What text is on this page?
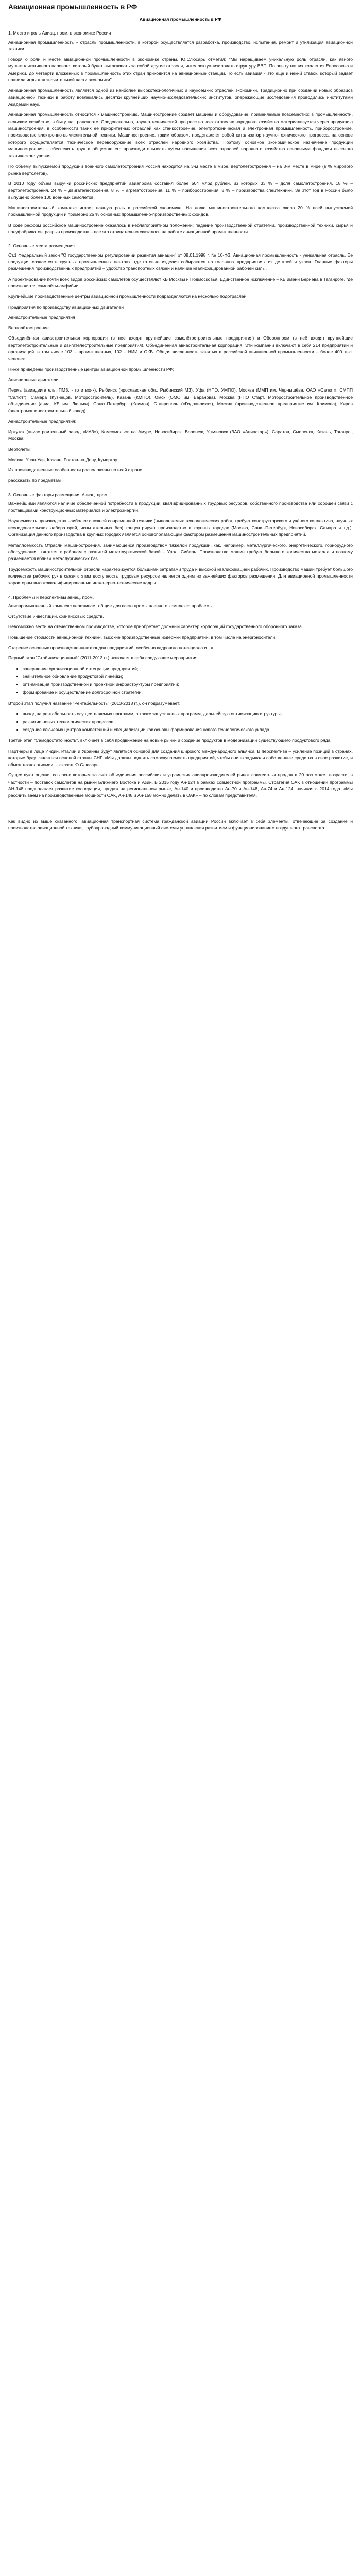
Авиационная промышленность в РФ
Авиационная промышленность в РФ

1. Место и роль Авиац. пром. в экономике России

Авиационная промышленность – отрасль промышленности, в которой осуществляется разработка, производство, испытания, ремонт и утилизация авиационной техники.

Говоря о роли и месте авиационной промышленности в экономике страны, Ю.Слюсарь отметил: "Мы наращиваем уникальную роль отрасли, как явного мультипликативного парового, который будет вытаскивать за собой другие отрасли, интеллектуализировать структуру ВВП. По опыту наших коллег из Евросоюза и Америки, до четверти вложенных в промышленность этих стран приходится на авиационные станции. То есть авиация - это еще и некий ставок, который задает правила игры для значительной части экономики".

Авиационная промышленность является одной из наиболее высокотехнологичных и наукоемких отраслей экономики. Традиционно при создании новых образцов авиационной техники в работу вовлекались десятки крупнейших научно-исследовательских институтов, опережающие исследования проводились институтами Академии наук.

Авиационная промышленность относится к машиностроению. Машиностроение создает машины и оборудование, применяемые повсеместно: в промышленности, сельском хозяйстве, в быту, на транспорте. Следовательно, научно-технический прогресс во всех отраслях народного хозяйства материализуется через продукцию машиностроения, в особенности таких ее приоритетных отраслей как станкостроение, электротехническая и электронная промышленность, приборостроение, производство электронно-вычислительной техники. Машиностроение, таким образом, представляет собой катализатор научно-технического прогресса, на основе которого осуществляется техническое перевооружение всех отраслей народного хозяйства. Поэтому основное экономическое назначение продукции машиностроения – обеспечить труд в обществе его производительность путем насыщения всех отраслей народного хозяйства основными фондами высокого технического уровня.

По объему выпускаемой продукции военного самолётостроения Россия находится на 3-м месте в мире, вертолётостроения – на 3-м месте в мире (в % мирового рынка вертолётов).

В 2010 году объём выручки российских предприятий авиапрома составил более 504 млрд рублей, из которых 33 % – доля самолётостроения, 18 % – вертолётостроения, 24 % – двигателестроения, 8 % – агрегатостроения, 11 % – приборостроения, 8 % – производства спецтехники. За этот год в России было выпущено более 100 военных самолётов.

Машиностроительный комплекс играет важную роль в российской экономике. На долю машиностроительного комплекса около 20 % всей выпускаемой промышленной продукции и примерно 25 % основных промышленно-производственных фондов.

В ходе реформ российское машиностроение оказалось в неблагоприятном положении: падение производственной стратегии, производственной техники, сырья и полуфабрикатов, разрыв производства – все это отрицательно сказалось на работе авиационной промышленности.

2. Основные места размещения

Ст.1 Федеральный закон "О государственном регулировании развития авиации" от 08.01.1998 г. № 10-ФЗ. Авиационная промышленность - уникальная отрасль. Ее продукция создается в крупных промышленных центрах, где готовые изделия собираются на головных предприятиях из деталей и узлов. Главные факторы размещения производственных предприятий – удобство транспортных связей и наличие квалифицированной рабочей силы.

А проектирование почти всех видов российских самолётов осуществляют КБ Москвы и Подмосковья. Единственное исключение – КБ имени Бериева в Таганроге, где производятся самолёты-амфибии.

Крупнейшие производственные центры авиационной промышленности подразделяются на несколько подотраслей.

Предприятия по производству авиационных двигателей

Авиастроительные предприятия

Вертолётостроение

Объединённая авиастроительная корпорация (в неё входят крупнейшие самолётостроительные предприятия) и Оборонпром (в неё входят крупнейшие вертолётостроительные и двигателестроительные предприятия). Объединённая авиастроительная корпорация. Эти компании включают в себя 214 предприятий и организаций, в том числе 103 – промышленных, 102 – НИИ и ОКБ. Общая численность занятых в российской авиационной промышленности – более 400 тыс. человек.

Ниже приведены производственные центры авиационной промышленности РФ:

Авиационные двигатели:

Пермь (авиадвигатель, ПМЗ, - гр и вояк), Рыбинск (ярославская обл., Рыбинский МЗ), Уфа (НПО, УМПО), Москва (ММП им. Чернышёва, ОАО «Салют», СМПП "Салют"), Самара (Кузнецов, Моторостроитель), Казань (КМПО), Омск (ОМО им. Баранова), Москва (НПО Старт, Моторостроительное производственное объединение (авиа. КБ им. Люльки), Санкт-Петербург (Климов), Ставрополь («Гидравлика»), Москва (производственное предприятие им. Климова), Киров (электромашиностроительный завод).

Авиастроительные предприятия:

Иркутск (авиастроительный завод «ИАЗ»), Комсомольск на Амуре, Новосибирск, Воронеж, Ульяновск (ЗАО «Авиастар»), Саратов, Смоленск, Казань, Таганрог, Москва.

Вертолеты:

Москва, Улан-Удэ, Казань, Ростов-на-Дону, Кумертау.

Их производственные особенности расположены по всей стране.

рассказать по предметам

3. Основные факторы размещения Авиац. пром.

Важнейшими являются наличие обеспеченной потребности в продукции, квалифицированных трудовых ресурсов, собственного производства или хорошей связи с поставщиками конструкционных материалов и электроэнергии.

Наукоемкость производства наиболее сложной современной техники (выполняемых технологических работ, требует конструкторского и учёного коллектива, научных исследовательских лабораторий, испытательных баз) концентрирует производство в крупных городах (Москва, Санкт-Петербург, Новосибирск, Самара и т.д.). Организация данного производства в крупных городах является основополагающим фактором размещения машиностроительных предприятий.

Металлоемкость Отрасли машиностроения, занимающейся производством тяжёлой продукции, как, например, металлургического, энергетического, горнорудного оборудования, тяготеет к районам с развитой металлургической базой – Урал, Сибирь. Производство машин требует большого количества металла и поэтому размещается вблизи металлургических баз.

Трудоёмкость машиностроительной отрасли характеризуется большими затратами труда и высокой квалификацией рабочих. Производство машин требует большого количества рабочих рук в связи с этим доступность трудовых ресурсов является одним из важнейших факторов размещения. Для авиационной промышленности характерны высококвалифицированные инженерно-технические кадры.

4. Проблемы и перспективы авиац. пром.

Авиапромышленный комплекс переживает общие для всего промышленного комплекса проблемы:

Отсутствие инвестиций, финансовых средств.

Невозможно вести на отечественном производстве, которое приобретает должный характер корпораций государственного оборонного заказа.

Повышение стоимости авиационной техники, высокие производственные издержки предприятий, в том числе на энергоносители.

Старение основных производственных фондов предприятий, особенно кадрового потенциала и т.д.

Первый этап "Стабилизационный" (2011-2013 гг.) включает в себя следующие мероприятия:

• завершение организационной интеграции предприятий;
• значительное обновление продуктовой линейки;
• оптимизация производственной и проектной инфраструктуры предприятий;
• формирование и осуществление долгосрочной стратегии.

Второй этап получил название "Рентабельность" (2013-2018 гг.), он подразумевает:

• выход на рентабельность осуществляемых программ, а также запуск новых программ, дальнейшую оптимизацию структуры;
• развитие новых технологических процессов;
• создание ключевых центров компетенций и специализации как основы формирования нового технологического уклада.

Третий этап "Самодостаточность", включает в себя продвижение на новые рынки и создание продуктов в модернизации существующего продуктового ряда.

Партнеры в лице Индии, Италии и Украины будут являться основой для создания широкого международного альянса. В перспективе – усиление позиций в странах, которые будут являться основой страны СНГ. «Мы должны поднять самоокупаемость предприятий, чтобы они вкладывали собственные средства в свое развитие, и обмен технологиями», – сказал Ю.Слюсарь.

Существуют оценки, согласно которым за счёт объединения российских и украинских авиапроизводителей рынок совместных продаж в 20 раз может возрасти, в частности – поставок самолётов на рынки Ближнего Востока и Азии. В 2015 году Ан-124 в рамках совместной программы. Стратегия ОАК в отношении программы АН-148 предполагает развитие кооперации, продаж на региональном рынке, Ан-140 и производство Ан-70 и Ан-148, Ан-74 и Ан-124, начиная с 2014 года. «Мы рассчитываем на производственные мощности ОАК, Ан-148 и Ан-158 можно делать в ОАК» – по словам представителя.

Как видно из выше сказанного, авиационная транспортная система гражданской авиации России включает в себя элементы, отвечающие за создание и производство авиационной техники, трубопроводный коммуникационный системы управления развитием и функционированием воздушного транспорта.
